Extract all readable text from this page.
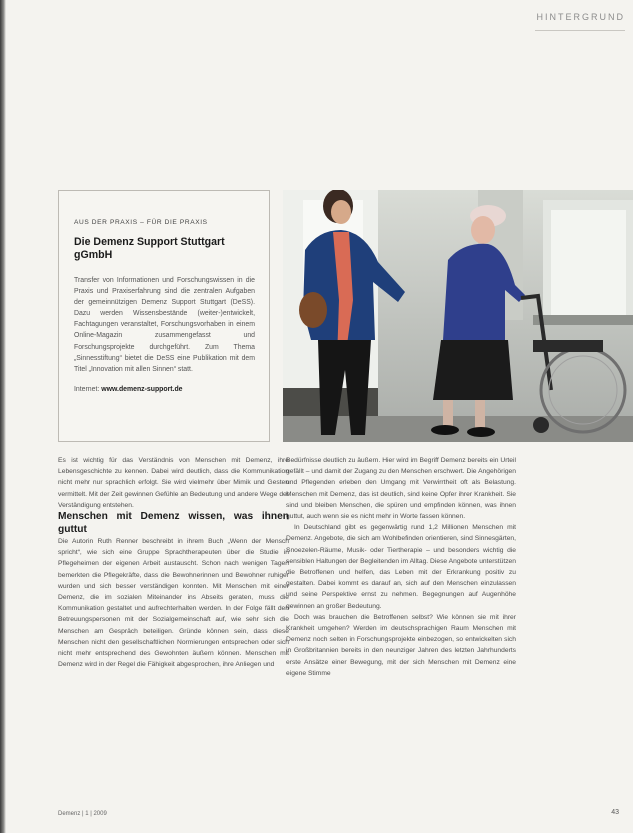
HINTERGRUND

AUS DER PRAXIS – FÜR DIE PRAXIS

Die Demenz Support Stuttgart gGmbH

Transfer von Informationen und Forschungswissen in die Praxis und Praxiserfahrung sind die zentralen Aufgaben der gemeinnützigen Demenz Support Stuttgart (DeSS). Dazu werden Wissensbestände (weiter-)entwickelt, Fachtagungen veranstaltet, Forschungsvorhaben in einem Online-Magazin zusammengefasst und Forschungsprojekte durchgeführt. Zum Thema „Sinnesstiftung“ bietet die DeSS eine Publikation mit dem Titel „Innovation mit allen Sinnen“ statt.

Internet: www.demenz-support.de

Es ist wichtig für das Verständnis von Menschen mit Demenz, ihre Lebensgeschichte zu kennen. Dabei wird deutlich, dass die Kommunikation nicht mehr nur sprachlich erfolgt. Sie wird vielmehr über Mimik und Gesten vermittelt. Mit der Zeit gewinnen Gefühle an Bedeutung und andere Wege der Verständigung entstehen.

Menschen mit Demenz wissen, was ihnen guttut

Die Autorin Ruth Renner beschreibt in ihrem Buch „Wenn der Mensch spricht“, wie sich eine Gruppe Sprachtherapeuten über die Studie in Pflegeheimen der eigenen Arbeit austauscht. Schon nach wenigen Tagen bemerkten die Pflegekräfte, dass die Bewohnerinnen und Bewohner ruhiger wurden und sich besser verständigen konnten. Mit Menschen mit einer Demenz, die im sozialen Miteinander ins Abseits geraten, muss die Kommunikation gestaltet und aufrechterhalten werden. In der Folge fällt den Betreuungspersonen mit der Sozialgemeinschaft auf, wie sehr sich die Menschen am Gespräch beteiligen. Gründe können sein, dass diese Menschen nicht den gesellschaftlichen Normierungen entsprechen oder sich nicht mehr entsprechend des Gewohnten äußern können. Menschen mit Demenz wird in der Regel die Fähigkeit abgesprochen, ihre Anliegen und

Bedürfnisse deutlich zu äußern. Hier wird im Begriff Demenz bereits ein Urteil gefällt – und damit der Zugang zu den Menschen erschwert. Die Angehörigen und Pflegenden erleben den Umgang mit Verwirrtheit oft als Belastung. Menschen mit Demenz, das ist deutlich, sind keine Opfer ihrer Krankheit. Sie sind und bleiben Menschen, die spüren und empfinden können, was ihnen guttut, auch wenn sie es nicht mehr in Worte fassen können.

In Deutschland gibt es gegenwärtig rund 1,2 Millionen Menschen mit Demenz. Angebote, die sich am Wohlbefinden orientieren, sind Sinnesgärten, Snoezelen-Räume, Musik- oder Tiertherapie – und besonders wichtig die sensiblen Haltungen der Begleitenden im Alltag. Diese Angebote unterstützen die Betroffenen und helfen, das Leben mit der Erkrankung positiv zu gestalten. Dabei kommt es darauf an, sich auf den Menschen einzulassen und seine Perspektive ernst zu nehmen. Begegnungen auf Augenhöhe gewinnen an großer Bedeutung.

Doch was brauchen die Betroffenen selbst? Wie können sie mit ihrer Krankheit umgehen? Werden im deutschsprachigen Raum Menschen mit Demenz noch selten in Forschungsprojekte einbezogen, so entwickelten sich in Großbritannien bereits in den neunziger Jahren des letzten Jahrhunderts erste Ansätze einer Bewegung, mit der sich Menschen mit Demenz eine eigene Stimme

Demenz | 1 | 2009	43
